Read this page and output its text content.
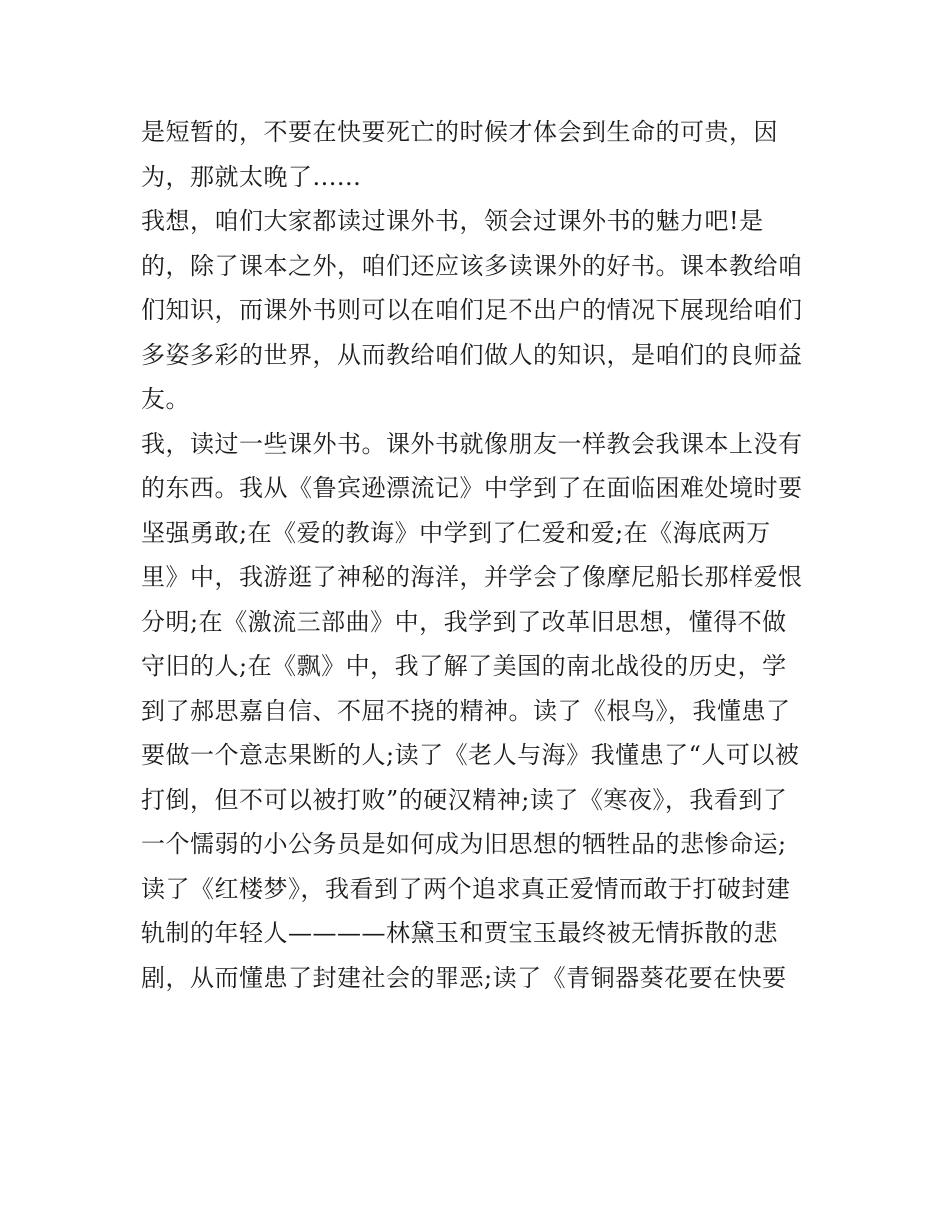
是短暂的，不要在快要死亡的时候才体会到生命的可贵，因
为，那就太晚了......
我想，咱们大家都读过课外书，领会过课外书的魅力吧!是
的，除了课本之外，咱们还应该多读课外的好书。课本教给咱
们知识，而课外书则可以在咱们足不出户的情况下展现给咱们
多姿多彩的世界，从而教给咱们做人的知识，是咱们的良师益
友。
我，读过一些课外书。课外书就像朋友一样教会我课本上没有
的东西。我从《鲁宾逊漂流记》中学到了在面临困难处境时要
坚强勇敢;在《爱的教诲》中学到了仁爱和爱;在《海底两万
里》中，我游逛了神秘的海洋，并学会了像摩尼船长那样爱恨
分明;在《激流三部曲》中，我学到了改革旧思想，懂得不做
守旧的人;在《飘》中，我了解了美国的南北战役的历史，学
到了郝思嘉自信、不屈不挠的精神。读了《根鸟》，我懂患了
要做一个意志果断的人;读了《老人与海》我懂患了“人可以被
打倒，但不可以被打败”的硬汉精神;读了《寒夜》，我看到了
一个懦弱的小公务员是如何成为旧思想的牺牲品的悲惨命运;
读了《红楼梦》，我看到了两个追求真正爱情而敢于打破封建
轨制的年轻人————林黛玉和贾宝玉最终被无情拆散的悲
剧，从而懂患了封建社会的罪恶;读了《青铜器葵花要在快要
